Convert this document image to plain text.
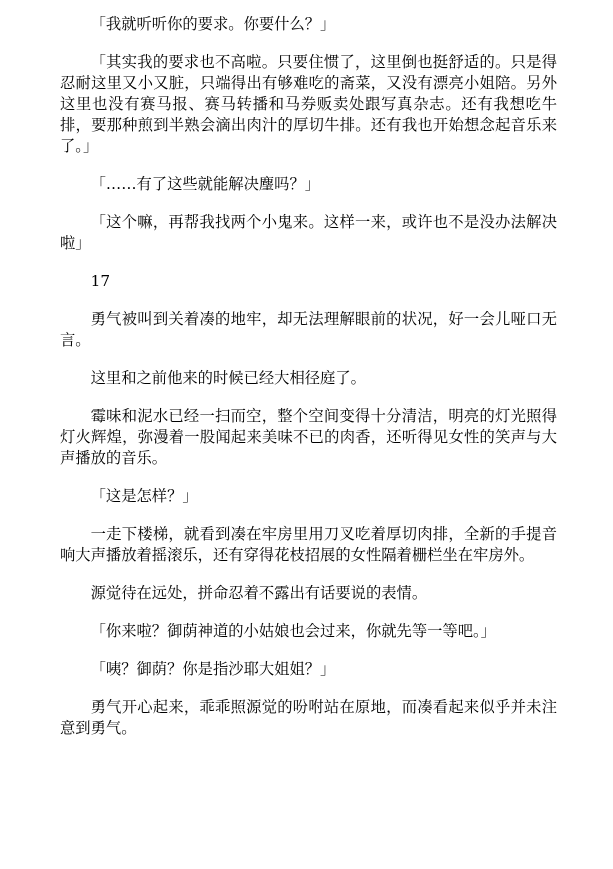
「我就听听你的要求。你要什么？」

「其实我的要求也不高啦。只要住惯了，这里倒也挺舒适的。只是得忍耐这里又小又脏，只端得出有够难吃的斋菜，又没有漂亮小姐陪。另外这里也没有赛马报、赛马转播和马券贩卖处跟写真杂志。还有我想吃牛排，要那种煎到半熟会滴出肉汁的厚切牛排。还有我也开始想念起音乐来了。」

「……有了这些就能解决麈吗？」

「这个嘛，再帮我找两个小鬼来。这样一来，或许也不是没办法解决啦」

17

勇气被叫到关着凑的地牢，却无法理解眼前的状况，好一会儿哑口无言。

这里和之前他来的时候已经大相径庭了。

霉味和泥水已经一扫而空，整个空间变得十分清洁，明亮的灯光照得灯火辉煌，弥漫着一股闻起来美味不已的肉香，还听得见女性的笑声与大声播放的音乐。

「这是怎样？」

一走下楼梯，就看到凑在牢房里用刀叉吃着厚切肉排，全新的手提音响大声播放着摇滚乐，还有穿得花枝招展的女性隔着栅栏坐在牢房外。

源觉待在远处，拼命忍着不露出有话要说的表情。

「你来啦？御荫神道的小姑娘也会过来，你就先等一等吧。」

「咦？御荫？你是指沙耶大姐姐？」

勇气开心起来，乖乖照源觉的吩咐站在原地，而凑看起来似乎并未注意到勇气。
